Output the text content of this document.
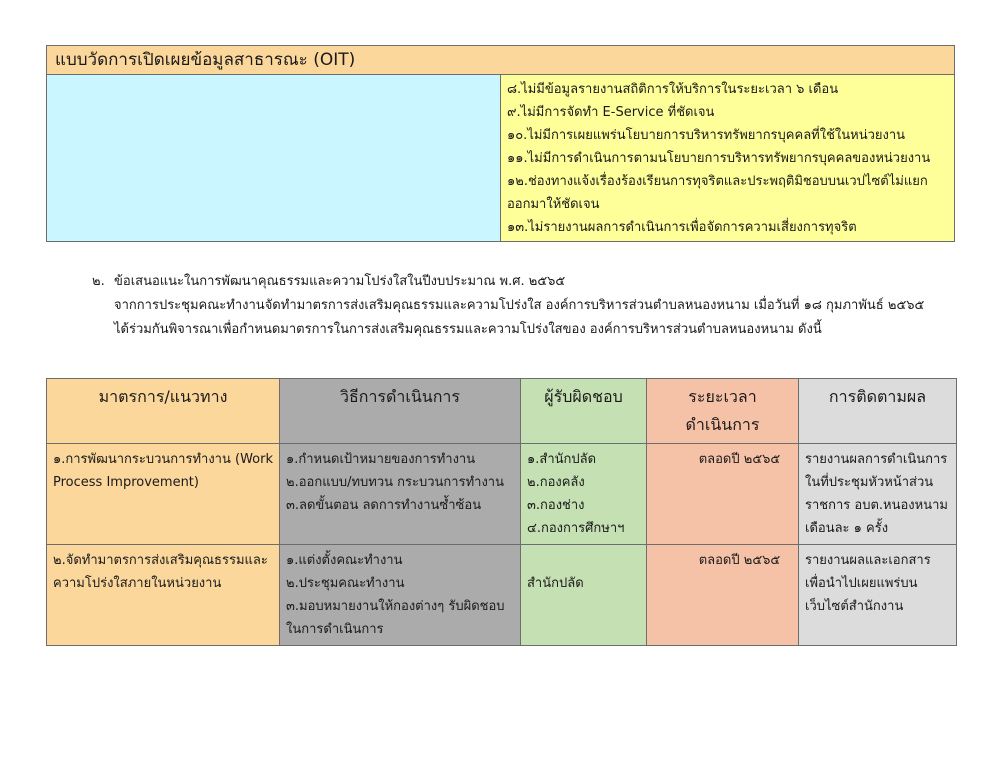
แบบวัดการเปิดเผยข้อมูลสาธารณะ (OIT)

๘.ไม่มีข้อมูลรายงานสถิติการให้บริการในระยะเวลา ๖ เดือน
๙.ไม่มีการจัดทำ E-Service ที่ชัดเจน
๑๐.ไม่มีการเผยแพร่นโยบายการบริหารทรัพยากรบุคคลที่ใช้ในหน่วยงาน
๑๑.ไม่มีการดำเนินการตามนโยบายการบริหารทรัพยากรบุคคลของหน่วยงาน
๑๒.ช่องทางแจ้งเรื่องร้องเรียนการทุจริตและประพฤติมิชอบบนเวปไซต์ไม่แยก
ออกมาให้ชัดเจน
๑๓.ไม่รายงานผลการดำเนินการเพื่อจัดการความเสี่ยงการทุจริต
๒. ข้อเสนอแนะในการพัฒนาคุณธรรมและความโปร่งใสในปีงบประมาณ พ.ศ. ๒๕๖๕
จากการประชุมคณะทำงานจัดทำมาตรการส่งเสริมคุณธรรมและความโปร่งใส องค์การบริหารส่วนตำบลหนองหนาม เมื่อวันที่ ๑๘ กุมภาพันธ์ ๒๕๖๕
ได้ร่วมกันพิจารณาเพื่อกำหนดมาตรการในการส่งเสริมคุณธรรมและความโปร่งใสของ องค์การบริหารส่วนตำบลหนองหนาม ดังนี้
มาตรการ/แนวทาง	วิธีการดำเนินการ	ผู้รับผิดชอบ	ระยะเวลา
ดำเนินการ	การติดตามผล

๑.การพัฒนากระบวนการทำงาน (Work
Process Improvement)	๑.กำหนดเป้าหมายของการทำงาน
๒.ออกแบบ/ทบทวน กระบวนการทำงาน
๓.ลดขั้นตอน ลดการทำงานซ้ำซ้อน	๑.สำนักปลัด
๒.กองคลัง
๓.กองช่าง
๔.กองการศึกษาฯ	ตลอดปี ๒๕๖๕	รายงานผลการดำเนินการ
ในที่ประชุมหัวหน้าส่วน
ราชการ อบต.หนองหนาม
เดือนละ ๑ ครั้ง

๒.จัดทำมาตรการส่งเสริมคุณธรรมและ
ความโปร่งใสภายในหน่วยงาน	๑.แต่งตั้งคณะทำงาน
๒.ประชุมคณะทำงาน
๓.มอบหมายงานให้กองต่างๆ รับผิดชอบ
ในการดำเนินการ	สำนักปลัด	ตลอดปี ๒๕๖๕	รายงานผลและเอกสาร
เพื่อนำไปเผยแพร่บน
เว็บไซต์สำนักงาน
